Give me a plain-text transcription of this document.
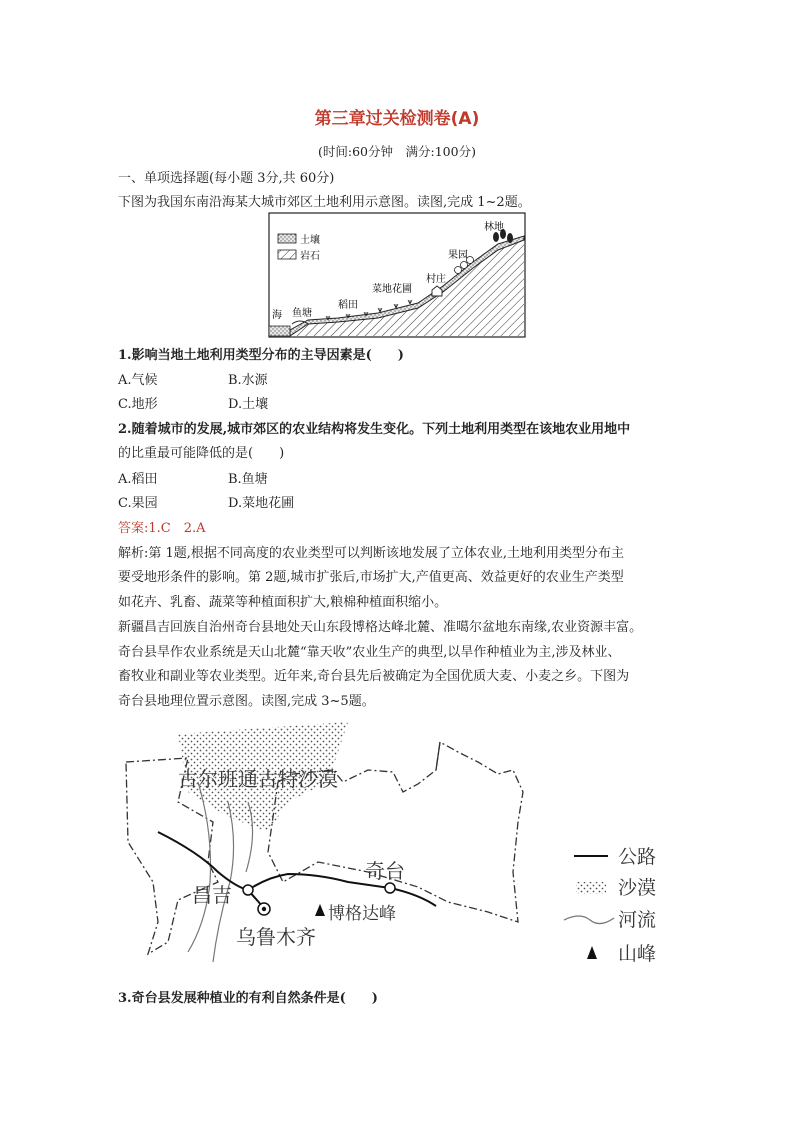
第三章过关检测卷(A)
(时间:60分钟　满分:100分)
一、单项选择题(每小题 3分,共 60分)
下图为我国东南沿海某大城市郊区土地利用示意图。读图,完成 1~2题。
土壤
岩石
海 鱼塘
稻田
菜地花圃
村庄
果园
林地
1.影响当地土地利用类型分布的主导因素是(　　)
A.气候	B.水源
C.地形	D.土壤
2.随着城市的发展,城市郊区的农业结构将发生变化。下列土地利用类型在该地农业用地中
的比重最可能降低的是(　　)
A.稻田	B.鱼塘
C.果园	D.菜地花圃
答案:1.C　2.A
解析:第 1题,根据不同高度的农业类型可以判断该地发展了立体农业,土地利用类型分布主
要受地形条件的影响。第 2题,城市扩张后,市场扩大,产值更高、效益更好的农业生产类型
如花卉、乳畜、蔬菜等种植面积扩大,粮棉种植面积缩小。
新疆昌吉回族自治州奇台县地处天山东段博格达峰北麓、准噶尔盆地东南缘,农业资源丰富。
奇台县旱作农业系统是天山北麓“靠天收”农业生产的典型,以旱作种植业为主,涉及林业、
畜牧业和副业等农业类型。近年来,奇台县先后被确定为全国优质大麦、小麦之乡。下图为
奇台县地理位置示意图。读图,完成 3~5题。
古尔班通古特沙漠
奇台
昌吉
乌鲁木齐
博格达峰
公路
沙漠
河流
山峰
3.奇台县发展种植业的有利自然条件是(　　)
